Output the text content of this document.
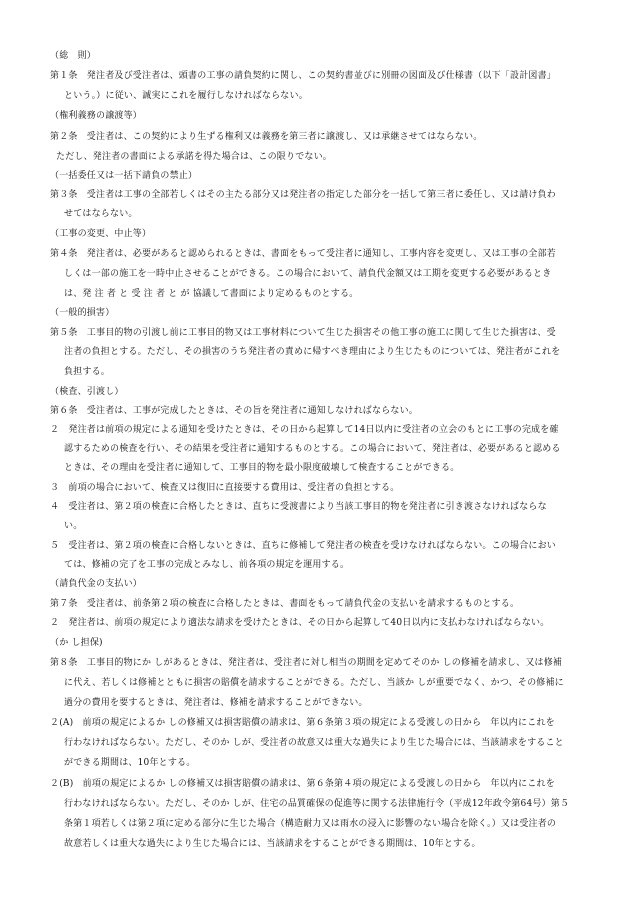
（総　則）
第１条　発注者及び受注者は、頭書の工事の請負契約に関し、この契約書並びに別冊の図面及び仕様書（以下「設計図書」
という。）に従い、誠実にこれを履行しなければならない。
（権利義務の譲渡等）
第２条　受注者は、この契約により生ずる権利又は義務を第三者に譲渡し、又は承継させてはならない。
ただし、発注者の書面による承諾を得た場合は、この限りでない。
（一括委任又は一括下請負の禁止）
第３条　受注者は工事の全部若しくはその主たる部分又は発注者の指定した部分を一括して第三者に委任し、又は請け負わ
せてはならない。
（工事の変更、中止等）
第４条　発注者は、必要があると認められるときは、書面をもって受注者に通知し、工事内容を変更し、又は工事の全部若
しくは一部の施工を一時中止させることができる。この場合において、請負代金額又は工期を変更する必要があるとき
は、発 注 者 と 受 注 者 と が 協議して書面により定めるものとする。
（一般的損害）
第５条　工事目的物の引渡し前に工事目的物又は工事材料について生じた損害その他工事の施工に関して生じた損害は、受
注者の負担とする。ただし、その損害のうち発注者の責めに帰すべき理由により生じたものについては、発注者がこれを
負担する。
（検査、引渡し）
第６条　受注者は、工事が完成したときは、その旨を発注者に通知しなければならない。
２　発注者は前項の規定による通知を受けたときは、その日から起算して14日以内に受注者の立会のもとに工事の完成を確
認するための検査を行い、その結果を受注者に通知するものとする。この場合において、発注者は、必要があると認める
ときは、その理由を受注者に通知して、工事目的物を最小限度破壊して検査することができる。
３　前項の場合において、検査又は復旧に直接要する費用は、受注者の負担とする。
４　受注者は、第２項の検査に合格したときは、直ちに受渡書により当該工事目的物を発注者に引き渡さなければならな
い。
５　受注者は、第２項の検査に合格しないときは、直ちに修補して発注者の検査を受けなければならない。この場合におい
ては、修補の完了を工事の完成とみなし、前各項の規定を運用する。
（請負代金の支払い）
第７条　受注者は、前条第２項の検査に合格したときは、書面をもって請負代金の支払いを請求するものとする。
２　発注者は、前項の規定により適法な請求を受けたときは、その日から起算して40日以内に支払わなければならない。
（か し担保)
第８条　工事目的物にか しがあるときは、発注者は、受注者に対し相当の期間を定めてそのか しの修補を請求し、又は修補
に代え、若しくは修補とともに損害の賠償を請求することができる。ただし、当該か しが重要でなく、かつ、その修補に
過分の費用を要するときは、発注者は、修補を請求することができない。
２(A)　前項の規定によるか しの修補又は損害賠償の請求は、第６条第３項の規定による受渡しの日から　年以内にこれを
行わなければならない。ただし、そのか しが、受注者の故意又は重大な過失により生じた場合には、当該請求をすること
ができる期間は、10年とする。
２(B)　前項の規定によるか しの修補又は損害賠償の請求は、第６条第４項の規定による受渡しの日から　年以内にこれを
行わなければならない。ただし、そのか しが、住宅の品質確保の促進等に関する法律施行令（平成12年政令第64号）第５
条第１項若しくは第２項に定める部分に生じた場合（構造耐力又は雨水の浸入に影響のない場合を除く。）又は受注者の
故意若しくは重大な過失により生じた場合には、当該請求をすることができる期間は、10年とする。
